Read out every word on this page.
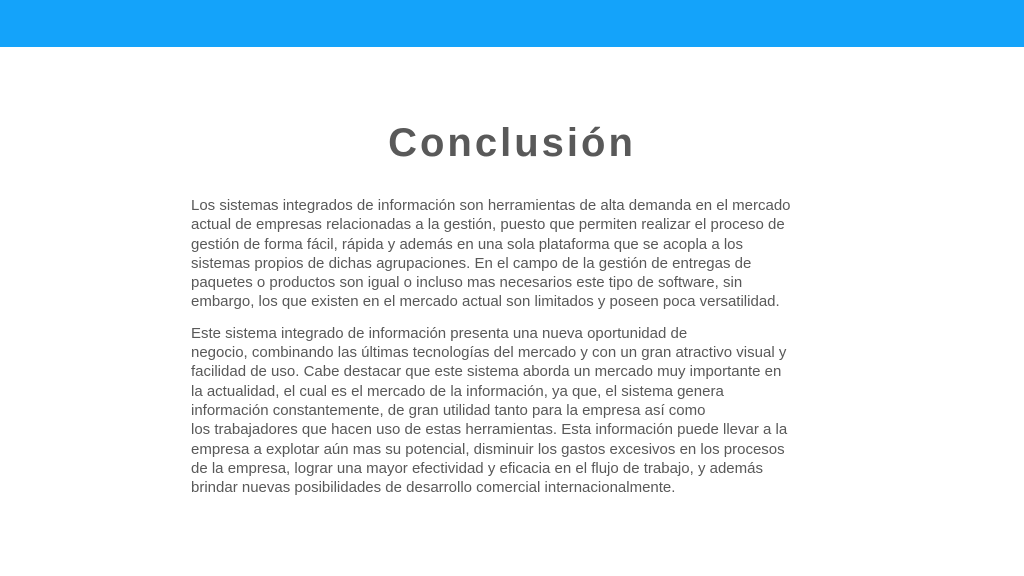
Conclusión

Los sistemas integrados de información son herramientas de alta demanda en el mercado
actual de empresas relacionadas a la gestión, puesto que permiten realizar el proceso de
gestión de forma fácil, rápida y además en una sola plataforma que se acopla a los
sistemas propios de dichas agrupaciones. En el campo de la gestión de entregas de
paquetes o productos son igual o incluso mas necesarios este tipo de software, sin
embargo, los que existen en el mercado actual son limitados y poseen poca versatilidad.

Este sistema integrado de información presenta una nueva oportunidad de
negocio, combinando las últimas tecnologías del mercado y con un gran atractivo visual y
facilidad de uso. Cabe destacar que este sistema aborda un mercado muy importante en
la actualidad, el cual es el mercado de la información, ya que, el sistema genera
información constantemente, de gran utilidad tanto para la empresa así como
los trabajadores que hacen uso de estas herramientas. Esta información puede llevar a la
empresa a explotar aún mas su potencial, disminuir los gastos excesivos en los procesos
de la empresa, lograr una mayor efectividad y eficacia en el flujo de trabajo, y además
brindar nuevas posibilidades de desarrollo comercial internacionalmente.
